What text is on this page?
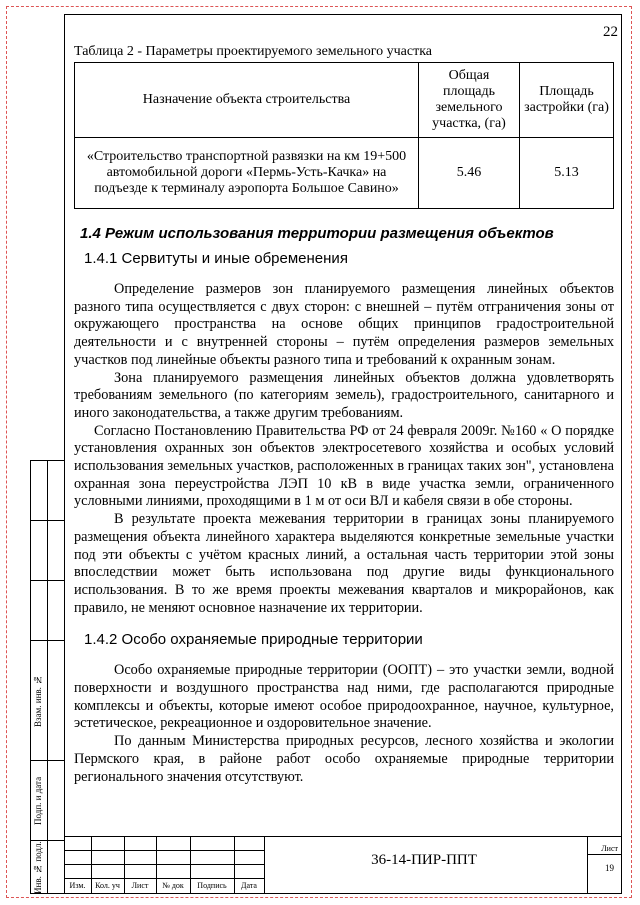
22
Таблица 2 - Параметры проектируемого земельного участка
Назначение объекта строительства	Общая площадь земельного участка, (га)	Площадь застройки (га)
«Строительство транспортной развязки на км 19+500 автомобильной дороги «Пермь-Усть-Качка» на подъезде к терминалу аэропорта Большое Савино»	5.46	5.13
1.4 Режим использования территории размещения объектов
1.4.1 Сервитуты и иные обременения

Определение размеров зон планируемого размещения линейных объектов разного типа осуществляется с двух сторон: с внешней – путём отграничения зоны от окружающего пространства на основе общих принципов градостроительной деятельности и с внутренней стороны – путём определения размеров земельных участков под линейные объекты разного типа и требований к охранным зонам.

Зона планируемого размещения линейных объектов должна удовлетворять требованиям земельного (по категориям земель), градостроительного, санитарного и иного законодательства, а также другим требованиям.

Согласно Постановлению Правительства РФ от 24 февраля 2009г. №160 « О порядке установления охранных зон объектов электросетевого хозяйства и особых условий использования земельных участков, расположенных в границах таких зон", установлена охранная зона переустройства ЛЭП 10 кВ в виде участка земли, ограниченного условными линиями, проходящими в 1 м от оси ВЛ и кабеля связи в обе стороны.

В результате проекта межевания территории в границах зоны планируемого размещения объекта линейного характера выделяются конкретные земельные участки под эти объекты с учётом красных линий, а остальная часть территории этой зоны впоследствии может быть использована под другие виды функционального использования. В то же время проекты межевания кварталов и микрорайонов, как правило, не меняют основное назначение их территории.

1.4.2 Особо охраняемые природные территории

Особо охраняемые природные территории (ООПТ) – это участки земли, водной поверхности и воздушного пространства над ними, где располагаются природные комплексы и объекты, которые имеют особое природоохранное, научное, культурное, эстетическое, рекреационное и оздоровительное значение.

По данным Министерства природных ресурсов, лесного хозяйства и экологии Пермского края, в районе работ особо охраняемые природные территории регионального значения отсутствуют.

Взам. инв. №
Подп. и дата
Инв. № подл.	Изм.	Кол. уч	Лист	№ док	Подпись	Дата
36-14-ПИР-ППТ
Лист
19
